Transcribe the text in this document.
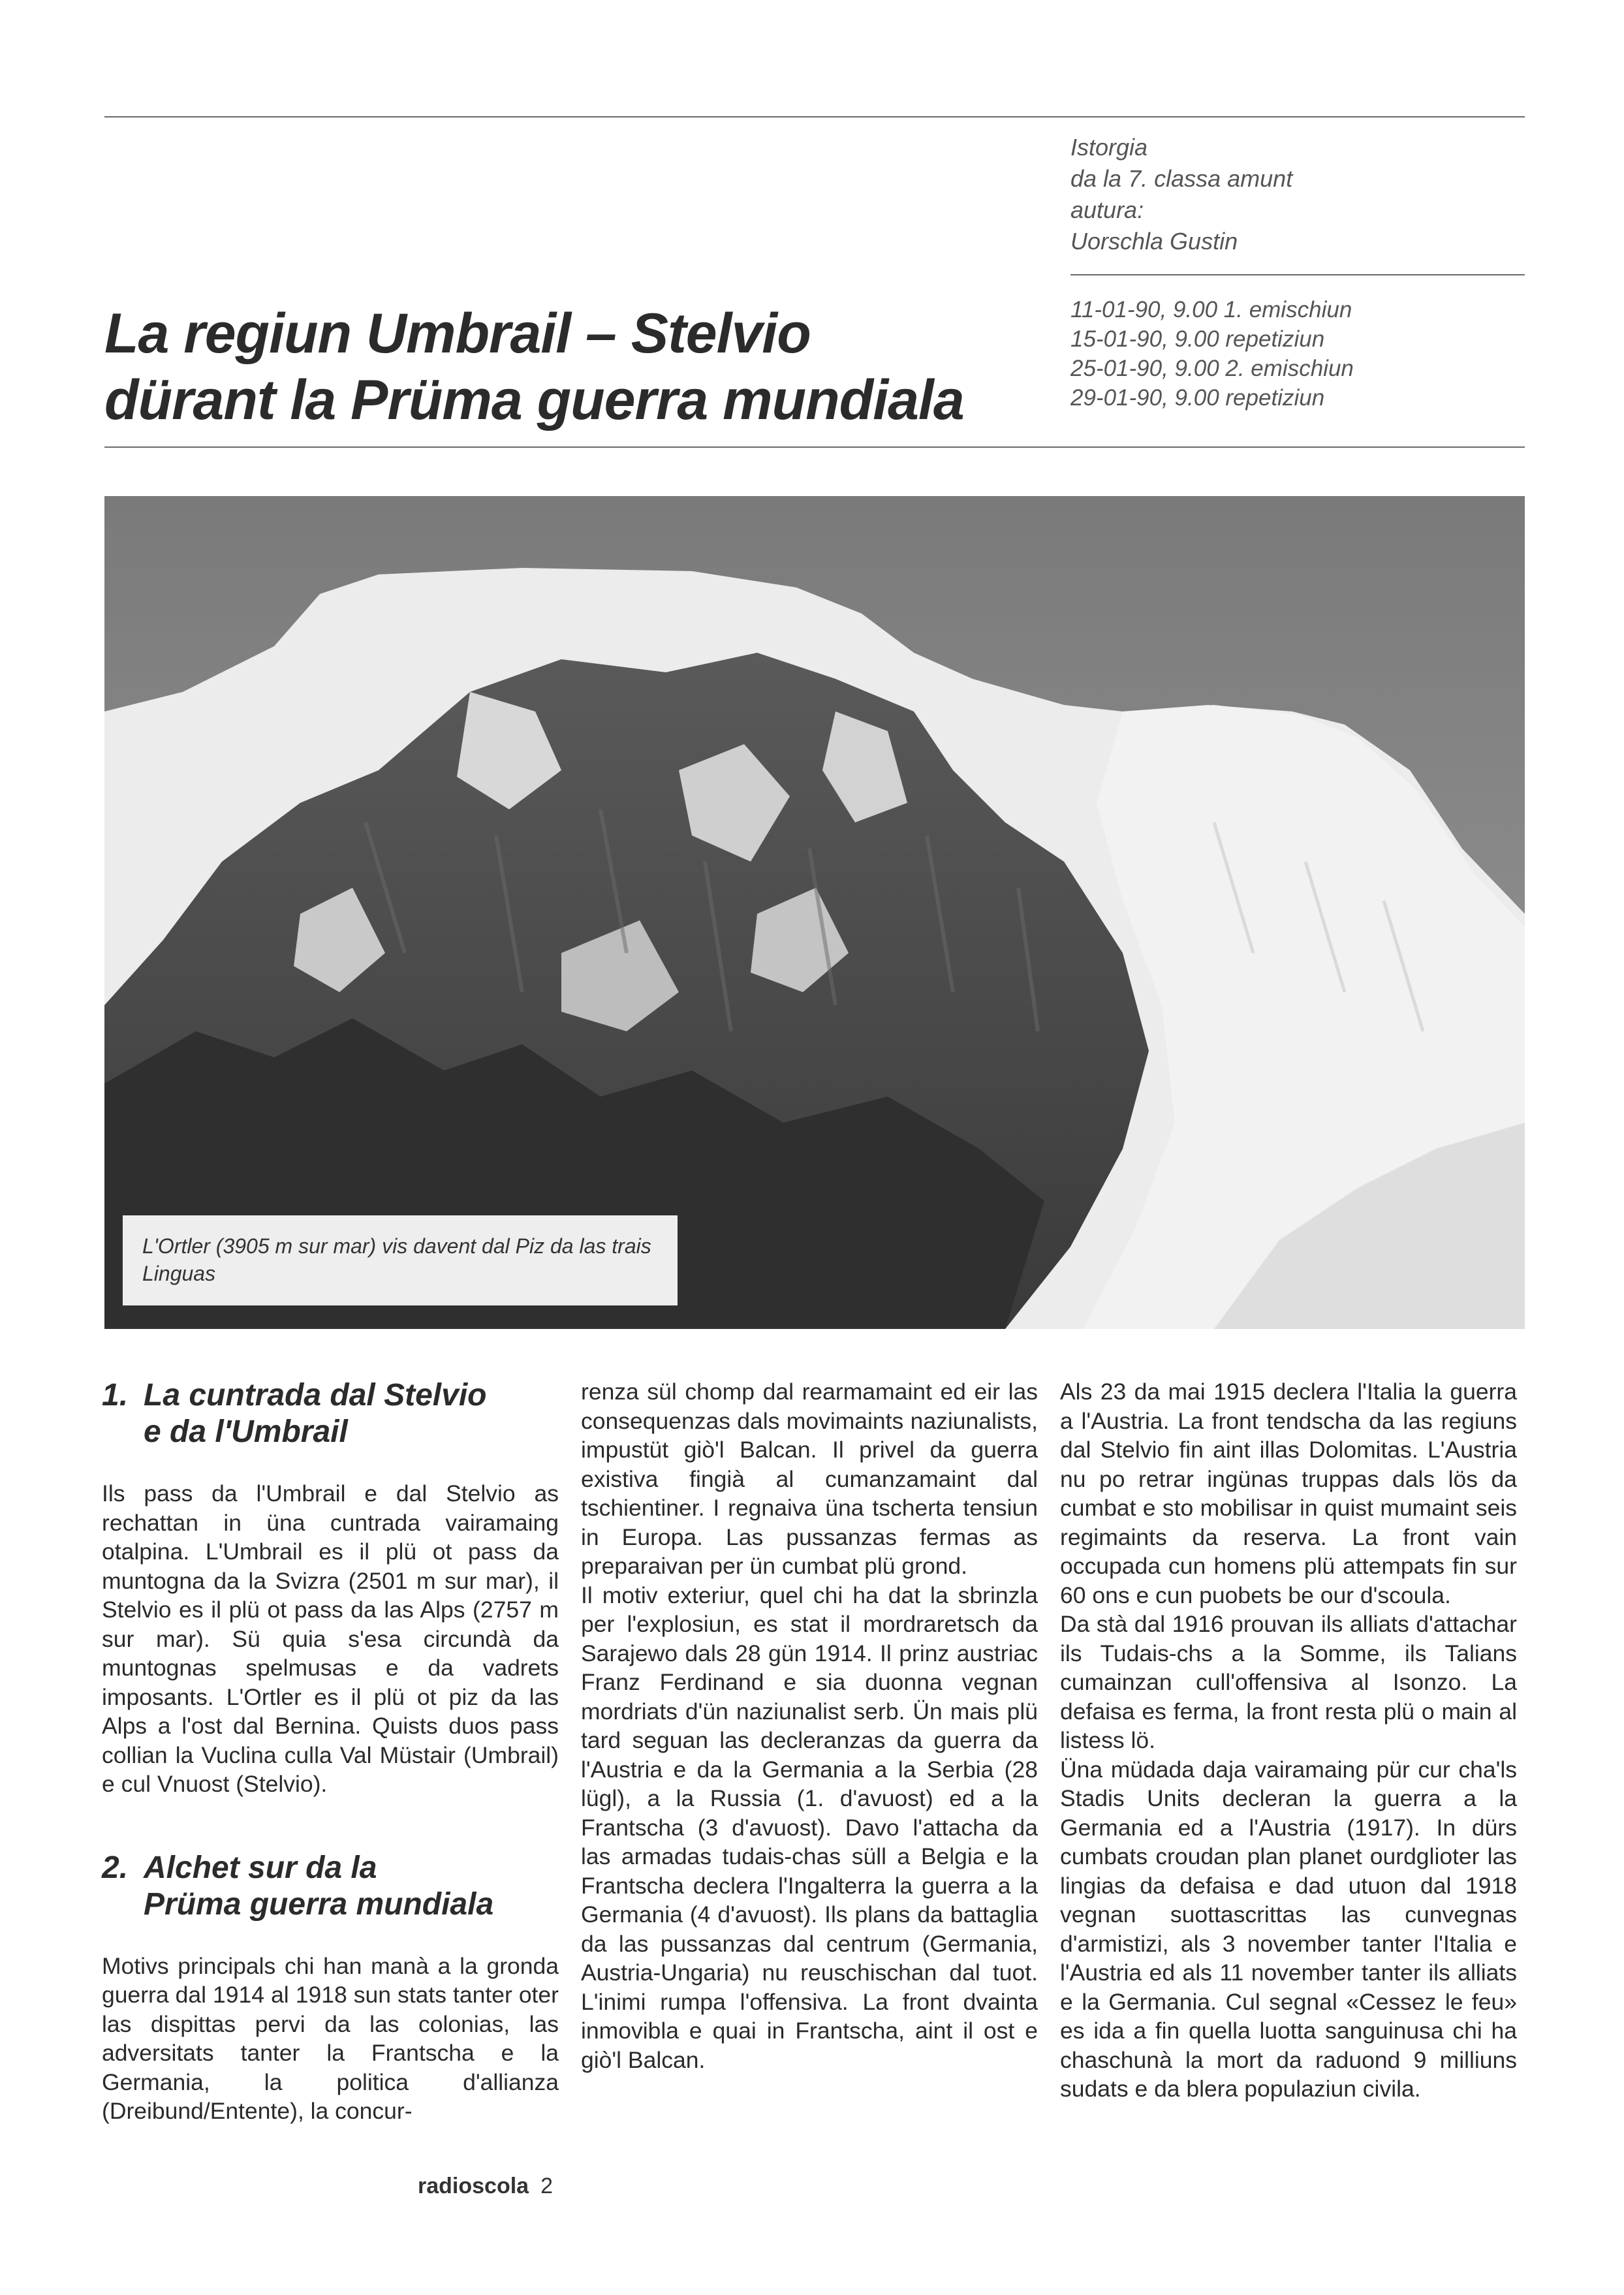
Istorgia
da la 7. classa amunt
autura:
Uorschla Gustin
11-01-90, 9.00 1. emischiun
15-01-90, 9.00 repetiziun
25-01-90, 9.00 2. emischiun
29-01-90, 9.00 repetiziun
La regiun Umbrail – Stelvio
dürant la Prüma guerra mundiala
L'Ortler (3905 m sur mar) vis davent dal Piz da las trais Linguas
1. La cuntrada dal Stelvio
e da l'Umbrail

Ils pass da l'Umbrail e dal Stelvio as rechattan in üna cuntrada vairamaing otalpina. L'Umbrail es il plü ot pass da muntogna da la Svizra (2501 m sur mar), il Stelvio es il plü ot pass da las Alps (2757 m sur mar). Sü quia s'esa circundà da muntognas spelmusas e da vadrets imposants. L'Ortler es il plü ot piz da las Alps a l'ost dal Bernina. Quists duos pass collian la Vuclina culla Val Müstair (Umbrail) e cul Vnuost (Stelvio).

2. Alchet sur da la
Prüma guerra mundiala

Motivs principals chi han manà a la gronda guerra dal 1914 al 1918 sun stats tanter oter las dispittas pervi da las colonias, las adversitats tanter la Frantscha e la Germania, la politica d'allianza (Dreibund/Entente), la concur-

renza sül chomp dal rearmamaint ed eir las consequenzas dals movimaints naziunalists, impustüt giò'l Balcan. Il privel da guerra existiva fingià al cumanzamaint dal tschientiner. I regnaiva üna tscherta tensiun in Europa. Las pussanzas fermas as preparaivan per ün cumbat plü grond.

Il motiv exteriur, quel chi ha dat la sbrinzla per l'explosiun, es stat il mordraretsch da Sarajewo dals 28 gün 1914. Il prinz austriac Franz Ferdinand e sia duonna vegnan mordriats d'ün naziunalist serb. Ün mais plü tard seguan las decleranzas da guerra da l'Austria e da la Germania a la Serbia (28 lügl), a la Russia (1. d'avuost) ed a la Frantscha (3 d'avuost). Davo l'attacha da las armadas tudais-chas süll a Belgia e la Frantscha declera l'Ingalterra la guerra a la Germania (4 d'avuost). Ils plans da battaglia da las pussanzas dal centrum (Germania, Austria-Ungaria) nu reuschischan dal tuot. L'inimi rumpa l'offensiva. La front dvainta inmovibla e quai in Frantscha, aint il ost e giò'l Balcan.

Als 23 da mai 1915 declera l'Italia la guerra a l'Austria. La front tendscha da las regiuns dal Stelvio fin aint illas Dolomitas. L'Austria nu po retrar ingünas truppas dals lös da cumbat e sto mobilisar in quist mumaint seis regimaints da reserva. La front vain occupada cun homens plü attempats fin sur 60 ons e cun puobets be our d'scoula.

Da stà dal 1916 prouvan ils alliats d'attachar ils Tudais-chs a la Somme, ils Talians cumainzan cull'offensiva al Isonzo. La defaisa es ferma, la front resta plü o main al listess lö.

Üna müdada daja vairamaing pür cur cha'ls Stadis Units decleran la guerra a la Germania ed a l'Austria (1917). In dürs cumbats croudan plan planet ourdglioter las lingias da defaisa e dad utuon dal 1918 vegnan suottascrittas las cunvegnas d'armistizi, als 3 november tanter l'Italia e l'Austria ed als 11 november tanter ils alliats e la Germania. Cul segnal «Cessez le feu» es ida a fin quella luotta sanguinusa chi ha chaschunà la mort da raduond 9 milliuns sudats e da blera populaziun civila.

radioscola 2
